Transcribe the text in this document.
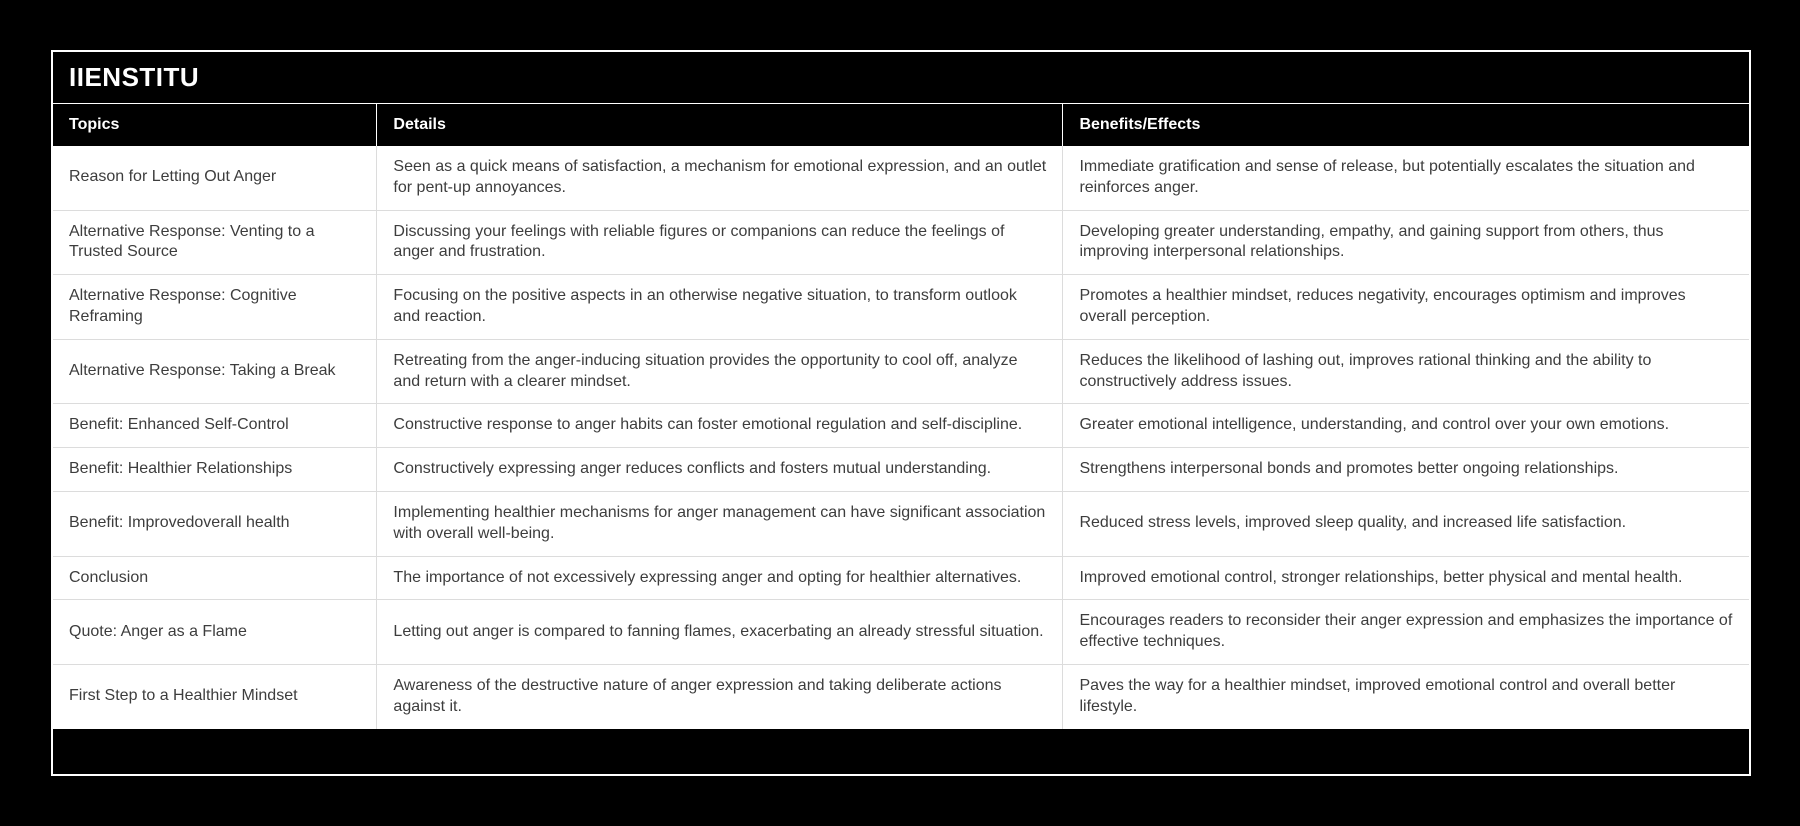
IIENSTITU
Topics	Details	Benefits/Effects
Reason for Letting Out Anger	Seen as a quick means of satisfaction, a mechanism for emotional expression, and an outlet for pent-up annoyances.	Immediate gratification and sense of release, but potentially escalates the situation and reinforces anger.
Alternative Response: Venting to a Trusted Source	Discussing your feelings with reliable figures or companions can reduce the feelings of anger and frustration.	Developing greater understanding, empathy, and gaining support from others, thus improving interpersonal relationships.
Alternative Response: Cognitive Reframing	Focusing on the positive aspects in an otherwise negative situation, to transform outlook and reaction.	Promotes a healthier mindset, reduces negativity, encourages optimism and improves overall perception.
Alternative Response: Taking a Break	Retreating from the anger-inducing situation provides the opportunity to cool off, analyze and return with a clearer mindset.	Reduces the likelihood of lashing out, improves rational thinking and the ability to constructively address issues.
Benefit: Enhanced Self-Control	Constructive response to anger habits can foster emotional regulation and self-discipline.	Greater emotional intelligence, understanding, and control over your own emotions.
Benefit: Healthier Relationships	Constructively expressing anger reduces conflicts and fosters mutual understanding.	Strengthens interpersonal bonds and promotes better ongoing relationships.
Benefit: Improvedoverall health	Implementing healthier mechanisms for anger management can have significant association with overall well-being.	Reduced stress levels, improved sleep quality, and increased life satisfaction.
Conclusion	The importance of not excessively expressing anger and opting for healthier alternatives.	Improved emotional control, stronger relationships, better physical and mental health.
Quote: Anger as a Flame	Letting out anger is compared to fanning flames, exacerbating an already stressful situation.	Encourages readers to reconsider their anger expression and emphasizes the importance of effective techniques.
First Step to a Healthier Mindset	Awareness of the destructive nature of anger expression and taking deliberate actions against it.	Paves the way for a healthier mindset, improved emotional control and overall better lifestyle.
